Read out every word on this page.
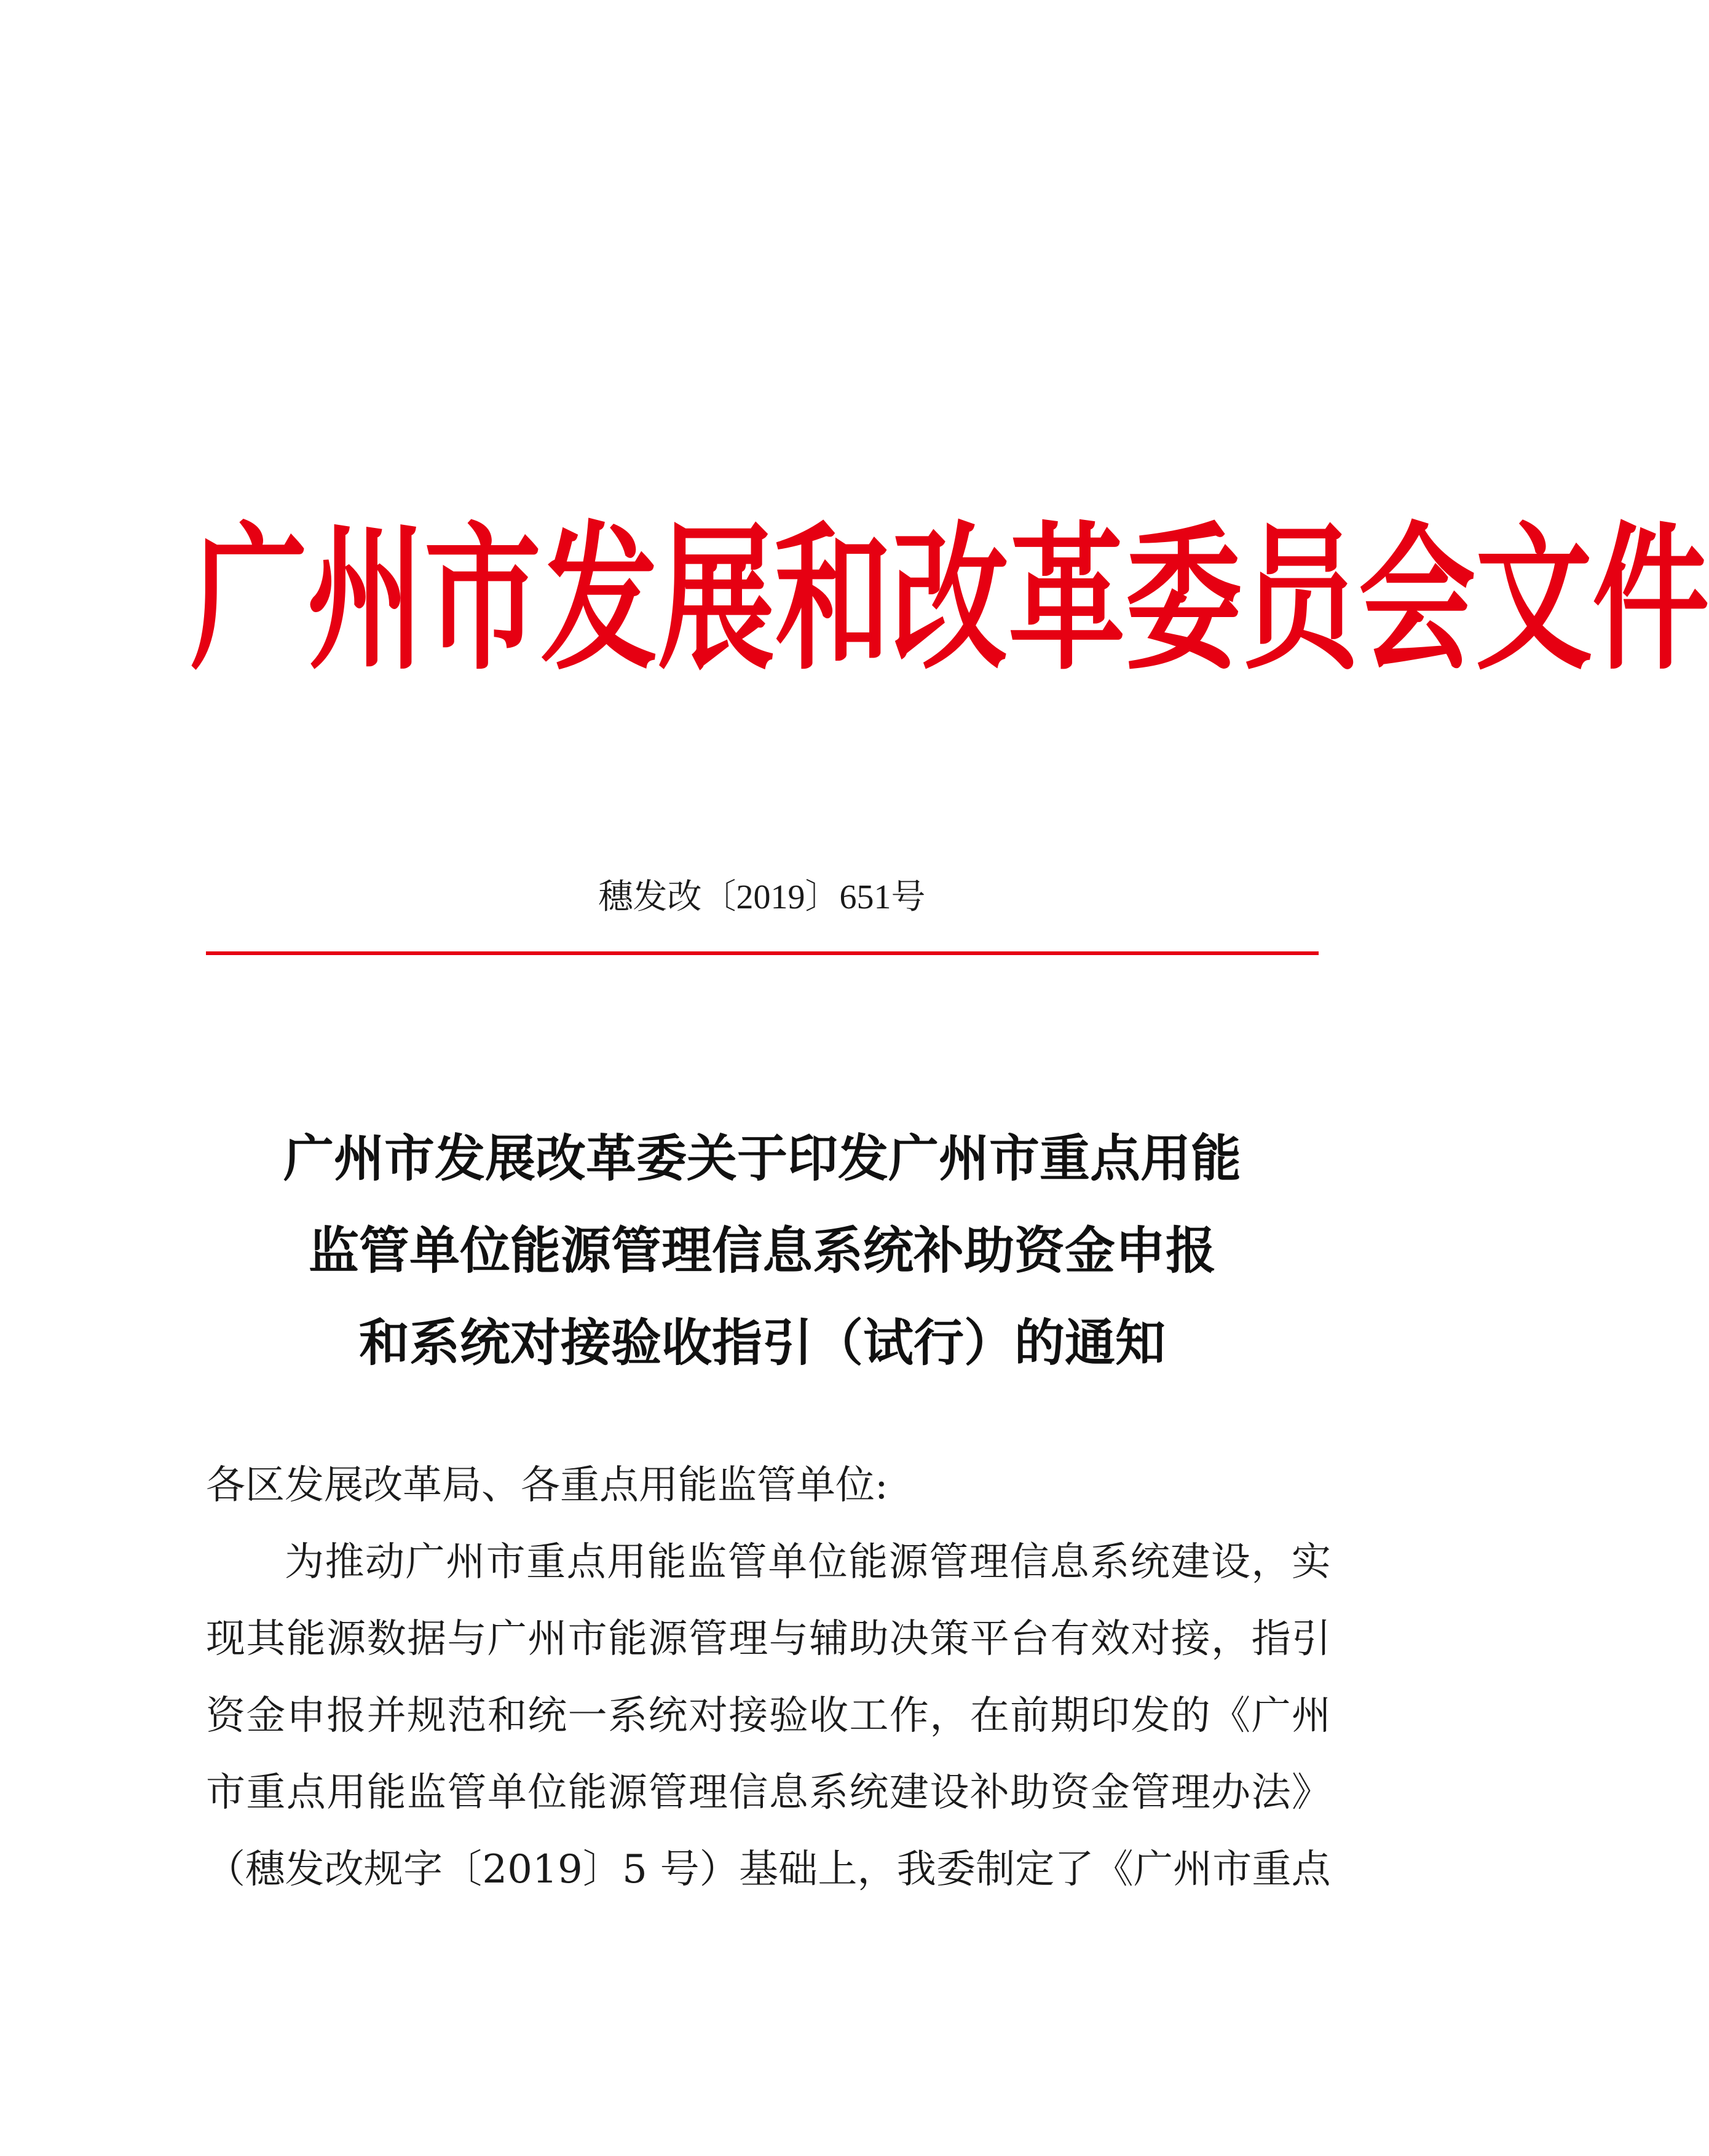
广 州 市 发 展 和 改 革 委 员 会 文 件
穗发改〔2019〕651号
广州市发展改革委关于印发广州市重点用能
监管单位能源管理信息系统补助资金申报
和系统对接验收指引（试行）的通知
各区发展改革局、各重点用能监管单位:
为 推 动 广 州 市 重 点 用 能 监 管 单 位 能 源 管 理 信 息 系 统 建 设 ， 实
现 其 能 源 数 据 与 广 州 市 能 源 管 理 与 辅 助 决 策 平 台 有 效 对 接 ， 指 引
资 金 申 报 并 规 范 和 统 一 系 统 对 接 验 收 工 作 ， 在 前 期 印 发 的 《 广 州
市 重 点 用 能 监 管 单 位 能 源 管 理 信 息 系 统 建 设 补 助 资 金 管 理 办 法 》
（ 穗 发 改 规 字 〔 2 0 1 9 〕 5
号 ） 基 础 上 ， 我 委 制 定 了 《 广 州 市 重 点
